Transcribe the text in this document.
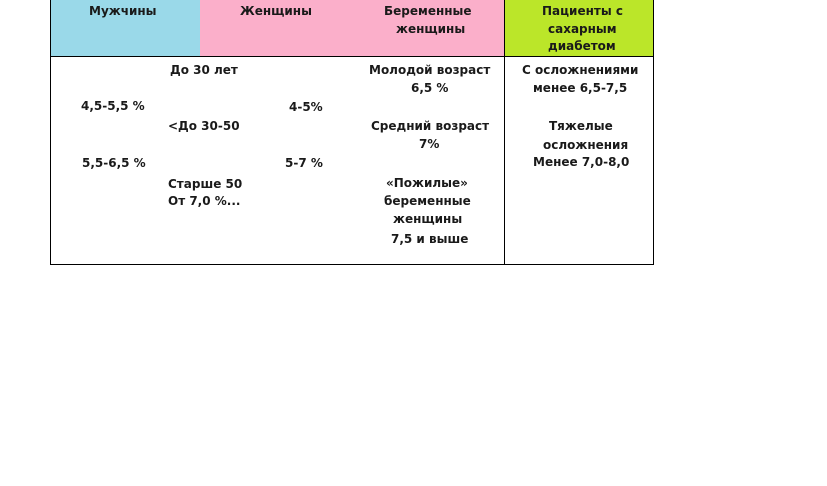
Мужчины	Женщины	Беременные
женщины
Пациенты с
сахарным
диабетом
До 30 лет
<До 30-50
Старше 50
От 7,0 %...
4,5-5,5 %
5,5-6,5 %
4-5%
5-7 %
Молодой возраст
6,5 %
Средний возраст
7%
«Пожилые»
беременные
женщины
7,5 и выше
С осложнениями
менее 6,5-7,5
Тяжелые
осложнения
Менее 7,0-8,0
